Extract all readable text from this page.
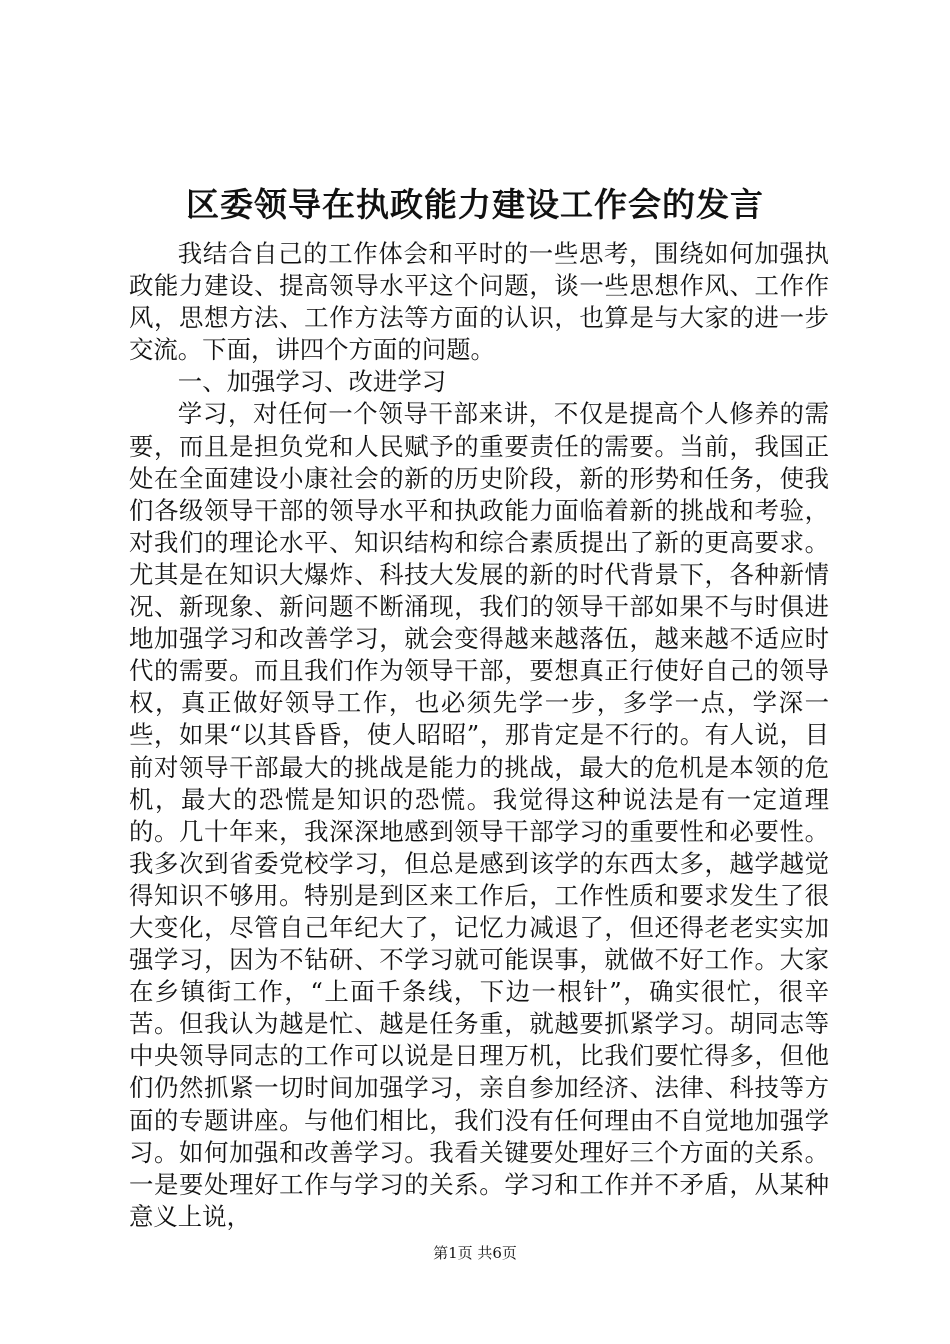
区委领导在执政能力建设工作会的发言

我结合自己的工作体会和平时的一些思考，围绕如何加强执政能力建设、提高领导水平这个问题，谈一些思想作风、工作作风，思想方法、工作方法等方面的认识，也算是与大家的进一步交流。下面，讲四个方面的问题。

一、加强学习、改进学习

学习，对任何一个领导干部来讲，不仅是提高个人修养的需要，而且是担负党和人民赋予的重要责任的需要。当前，我国正处在全面建设小康社会的新的历史阶段，新的形势和任务，使我们各级领导干部的领导水平和执政能力面临着新的挑战和考验，对我们的理论水平、知识结构和综合素质提出了新的更高要求。尤其是在知识大爆炸、科技大发展的新的时代背景下，各种新情况、新现象、新问题不断涌现，我们的领导干部如果不与时俱进地加强学习和改善学习，就会变得越来越落伍，越来越不适应时代的需要。而且我们作为领导干部，要想真正行使好自己的领导权，真正做好领导工作，也必须先学一步，多学一点，学深一些，如果“以其昏昏，使人昭昭”，那肯定是不行的。有人说，目前对领导干部最大的挑战是能力的挑战，最大的危机是本领的危机，最大的恐慌是知识的恐慌。我觉得这种说法是有一定道理的。几十年来，我深深地感到领导干部学习的重要性和必要性。我多次到省委党校学习，但总是感到该学的东西太多，越学越觉得知识不够用。特别是到区来工作后，工作性质和要求发生了很大变化，尽管自己年纪大了，记忆力减退了，但还得老老实实加强学习，因为不钻研、不学习就可能误事，就做不好工作。大家在乡镇街工作，“上面千条线，下边一根针”，确实很忙，很辛苦。但我认为越是忙、越是任务重，就越要抓紧学习。胡同志等中央领导同志的工作可以说是日理万机，比我们要忙得多，但他们仍然抓紧一切时间加强学习，亲自参加经济、法律、科技等方面的专题讲座。与他们相比，我们没有任何理由不自觉地加强学习。如何加强和改善学习。我看关键要处理好三个方面的关系。一是要处理好工作与学习的关系。学习和工作并不矛盾，从某种意义上说，

第1页 共6页
